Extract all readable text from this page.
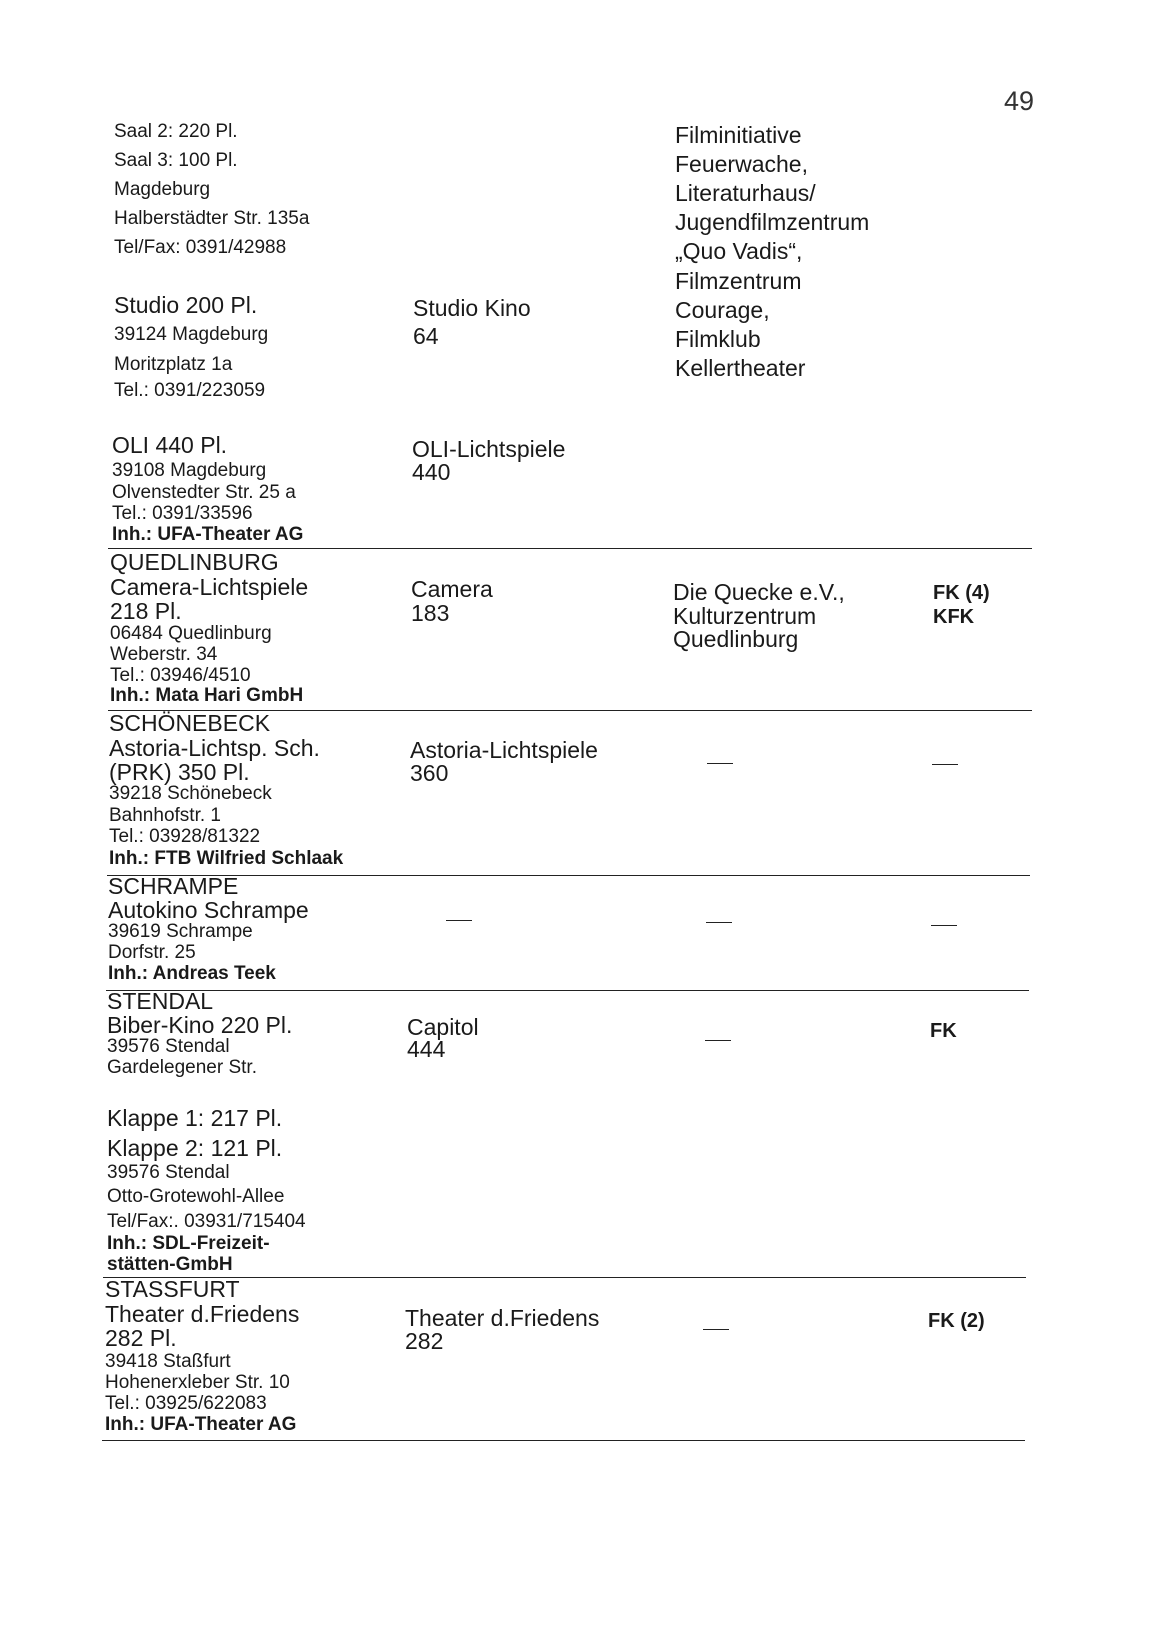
49
Saal 2: 220 Pl.
Saal 3: 100 Pl.
Magdeburg
Halberstädter Str. 135a
Tel/Fax: 0391/42988
Filminitiative
Feuerwache,
Literaturhaus/
Jugendfilmzentrum
„Quo Vadis“,
Filmzentrum
Courage,
Filmklub
Kellertheater
Studio 200 Pl.
39124 Magdeburg
Moritzplatz 1a
Tel.: 0391/223059
Studio Kino
64
OLI 440 Pl.
39108 Magdeburg
Olvenstedter Str. 25 a
Tel.: 0391/33596
Inh.: UFA-Theater AG
OLI-Lichtspiele
440
QUEDLINBURG
Camera-Lichtspiele
218 Pl.
06484 Quedlinburg
Weberstr. 34
Tel.: 03946/4510
Inh.: Mata Hari GmbH
Camera
183
Die Quecke e.V.,
Kulturzentrum
Quedlinburg
FK (4)
KFK
SCHÖNEBECK
Astoria-Lichtsp. Sch.
(PRK) 350 Pl.
39218 Schönebeck
Bahnhofstr. 1
Tel.: 03928/81322
Inh.: FTB Wilfried Schlaak
Astoria-Lichtspiele
360
SCHRAMPE
Autokino Schrampe
39619 Schrampe
Dorfstr. 25
Inh.: Andreas Teek
STENDAL
Biber-Kino 220 Pl.
39576 Stendal
Gardelegener Str.
Capitol
444
FK
Klappe 1: 217 Pl.
Klappe 2: 121 Pl.
39576 Stendal
Otto-Grotewohl-Allee
Tel/Fax:. 03931/715404
Inh.: SDL-Freizeit-
stätten-GmbH
STASSFURT
Theater d.Friedens
282 Pl.
39418 Staßfurt
Hohenerxleber Str. 10
Tel.: 03925/622083
Inh.: UFA-Theater AG
Theater d.Friedens
282
FK (2)
